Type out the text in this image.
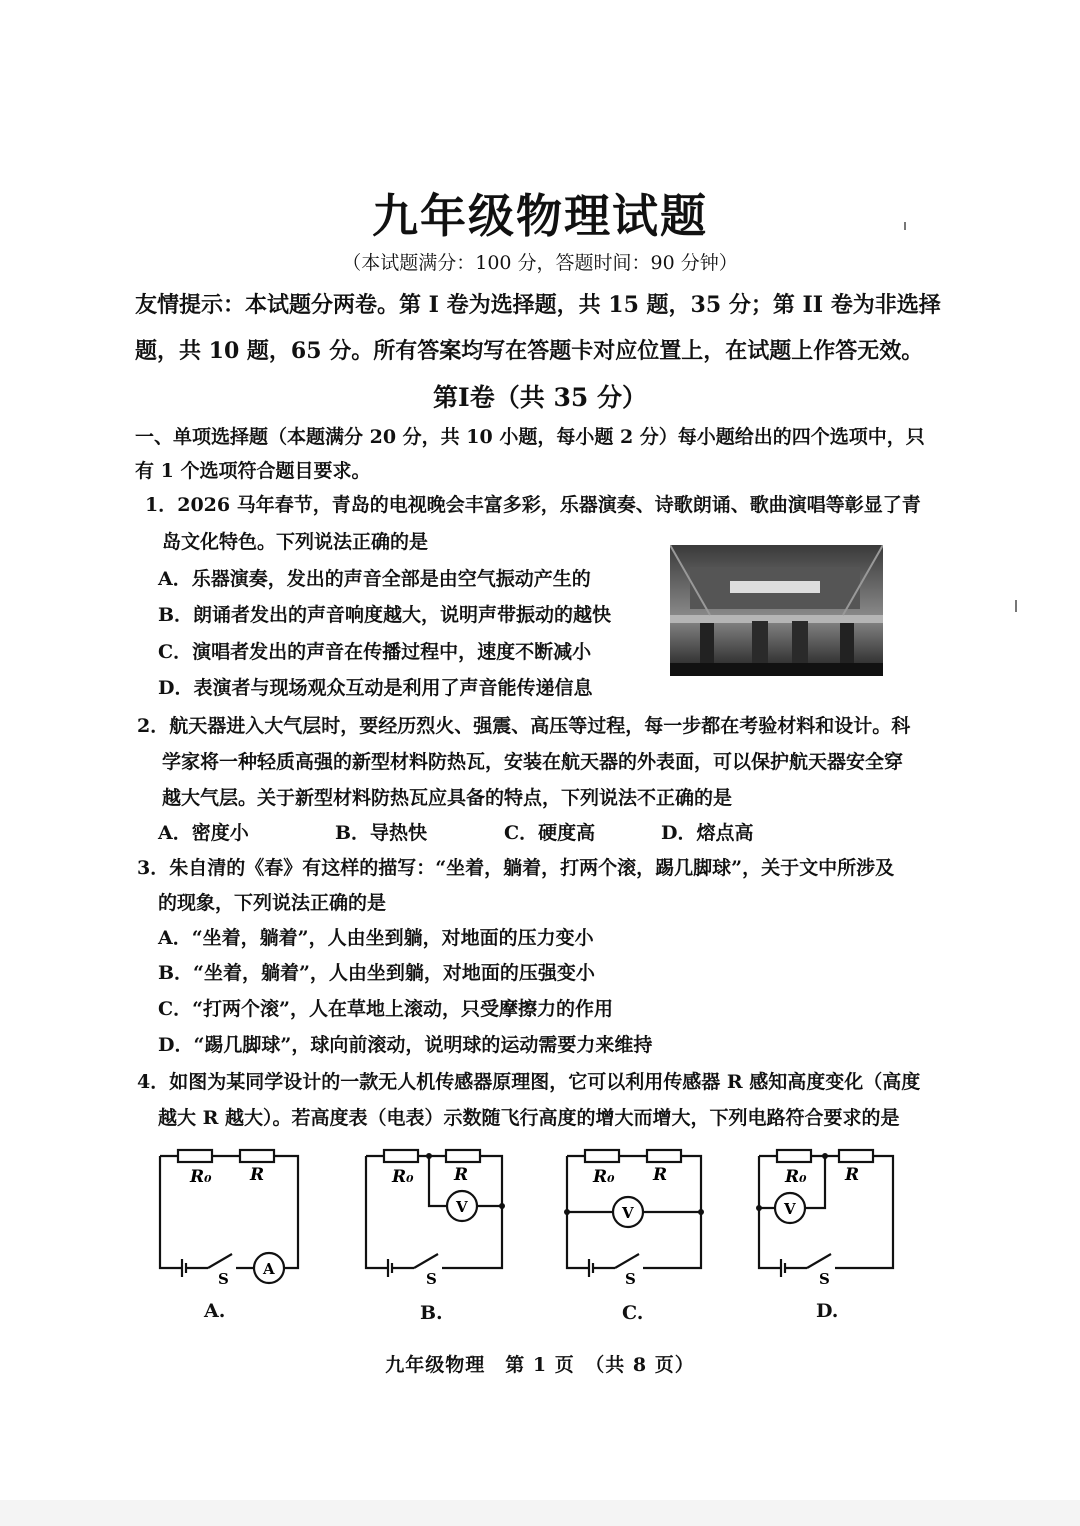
九年级物理试题
（本试题满分：100 分，答题时间：90 分钟）
友情提示：本试题分两卷。第 I 卷为选择题，共 15 题，35 分；第 II 卷为非选择
题，共 10 题，65 分。所有答案均写在答题卡对应位置上，在试题上作答无效。
第I卷（共 35 分）
一、单项选择题（本题满分 20 分，共 10 小题，每小题 2 分）每小题给出的四个选项中，只
有 1 个选项符合题目要求。
1．2026 马年春节，青岛的电视晚会丰富多彩，乐器演奏、诗歌朗诵、歌曲演唱等彰显了青
岛文化特色。下列说法正确的是
A．乐器演奏，发出的声音全部是由空气振动产生的
B．朗诵者发出的声音响度越大，说明声带振动的越快
C．演唱者发出的声音在传播过程中，速度不断减小
D．表演者与现场观众互动是利用了声音能传递信息
2．航天器进入大气层时，要经历烈火、强震、高压等过程，每一步都在考验材料和设计。科
学家将一种轻质高强的新型材料防热瓦，安装在航天器的外表面，可以保护航天器安全穿
越大气层。关于新型材料防热瓦应具备的特点，下列说法不正确的是
A．密度小	B．导热快	C．硬度高	D．熔点高
3．朱自清的《春》有这样的描写：“坐着，躺着，打两个滚，踢几脚球”，关于文中所涉及
的现象，下列说法正确的是
A．“坐着，躺着”，人由坐到躺，对地面的压力变小
B．“坐着，躺着”，人由坐到躺，对地面的压强变小
C．“打两个滚”，人在草地上滚动，只受摩擦力的作用
D．“踢几脚球”，球向前滚动，说明球的运动需要力来维持
4．如图为某同学设计的一款无人机传感器原理图，它可以利用传感器 R 感知高度变化（高度
越大 R 越大）。若高度表（电表）示数随飞行高度的增大而增大，下列电路符合要求的是
R₀ R
S
A
A.
R₀ R
S
V
B.
R₀ R
S
V
C.
R₀ R
S
V
D.
九年级物理　第 1 页　（共 8 页）
